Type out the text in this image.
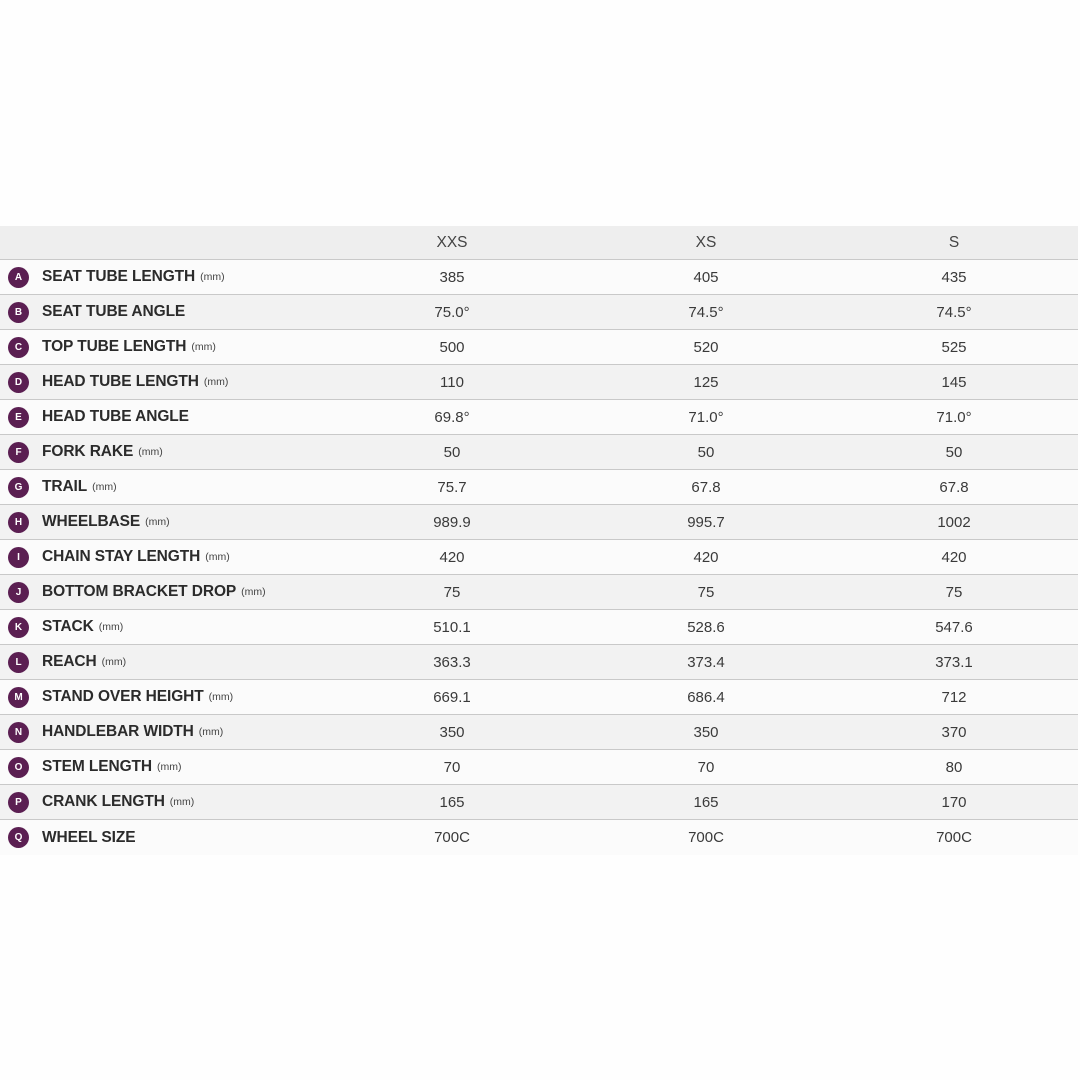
XXS	XS	S
A	SEAT TUBE LENGTH (mm)	385	405	435
B	SEAT TUBE ANGLE	75.0°	74.5°	74.5°
C	TOP TUBE LENGTH (mm)	500	520	525
D	HEAD TUBE LENGTH (mm)	110	125	145
E	HEAD TUBE ANGLE	69.8°	71.0°	71.0°
F	FORK RAKE (mm)	50	50	50
G	TRAIL (mm)	75.7	67.8	67.8
H	WHEELBASE (mm)	989.9	995.7	1002
I	CHAIN STAY LENGTH (mm)	420	420	420
J	BOTTOM BRACKET DROP (mm)	75	75	75
K	STACK (mm)	510.1	528.6	547.6
L	REACH (mm)	363.3	373.4	373.1
M	STAND OVER HEIGHT (mm)	669.1	686.4	712
N	HANDLEBAR WIDTH (mm)	350	350	370
O	STEM LENGTH (mm)	70	70	80
P	CRANK LENGTH (mm)	165	165	170
Q	WHEEL SIZE	700C	700C	700C
